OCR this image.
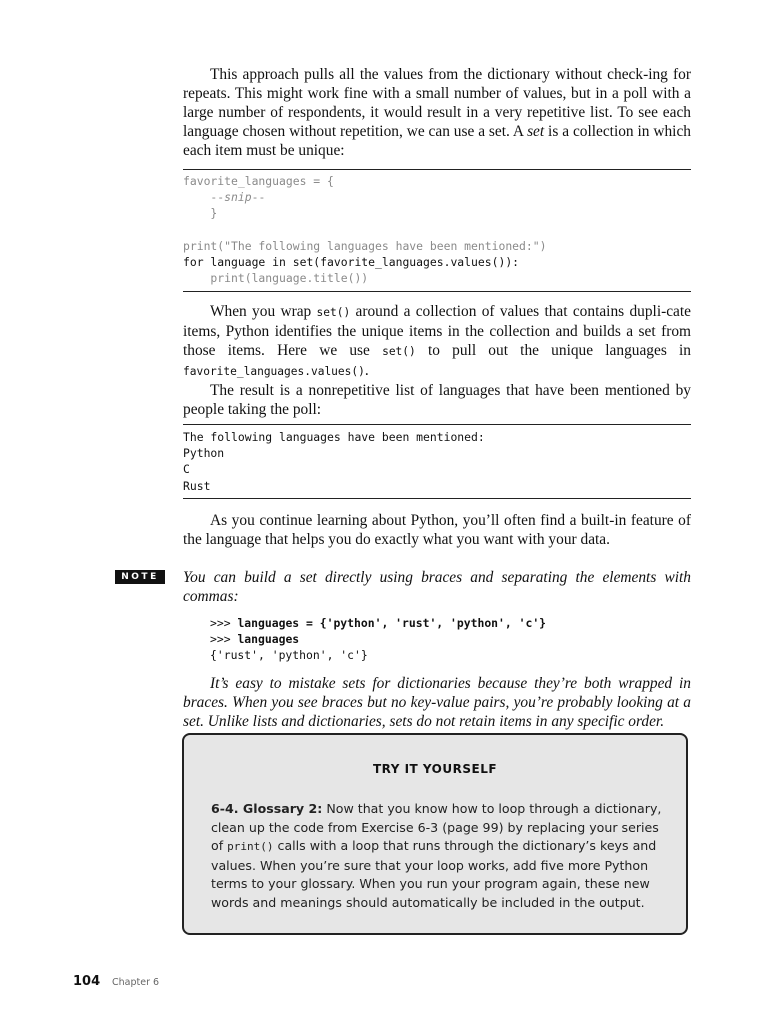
This approach pulls all the values from the dictionary without check-ing for repeats. This might work fine with a small number of values, but in a poll with a large number of respondents, it would result in a very repetitive list. To see each language chosen without repetition, we can use a set. A set is a collection in which each item must be unique:

favorite_languages = {
--snip--
}

print("The following languages have been mentioned:")
for language in set(favorite_languages.values()):
print(language.title())

When you wrap set() around a collection of values that contains dupli-cate items, Python identifies the unique items in the collection and builds a set from those items. Here we use set() to pull out the unique languages in favorite_languages.values().

The result is a nonrepetitive list of languages that have been mentioned by people taking the poll:

The following languages have been mentioned:
Python
C
Rust

As you continue learning about Python, you’ll often find a built-in feature of the language that helps you do exactly what you want with your data.

NOTE	You can build a set directly using braces and separating the elements with commas:

>>> languages = {'python', 'rust', 'python', 'c'}
>>> languages
{'rust', 'python', 'c'}

It’s easy to mistake sets for dictionaries because they’re both wrapped in braces. When you see braces but no key-value pairs, you’re probably looking at a set. Unlike lists and dictionaries, sets do not retain items in any specific order.

TRY IT YOURSELF
6-4. Glossary 2: Now that you know how to loop through a dictionary, clean up the code from Exercise 6-3 (page 99) by replacing your series of print() calls with a loop that runs through the dictionary’s keys and values. When you’re sure that your loop works, add five more Python terms to your glossary. When you run your program again, these new words and meanings should automatically be included in the output.
104 Chapter 6
